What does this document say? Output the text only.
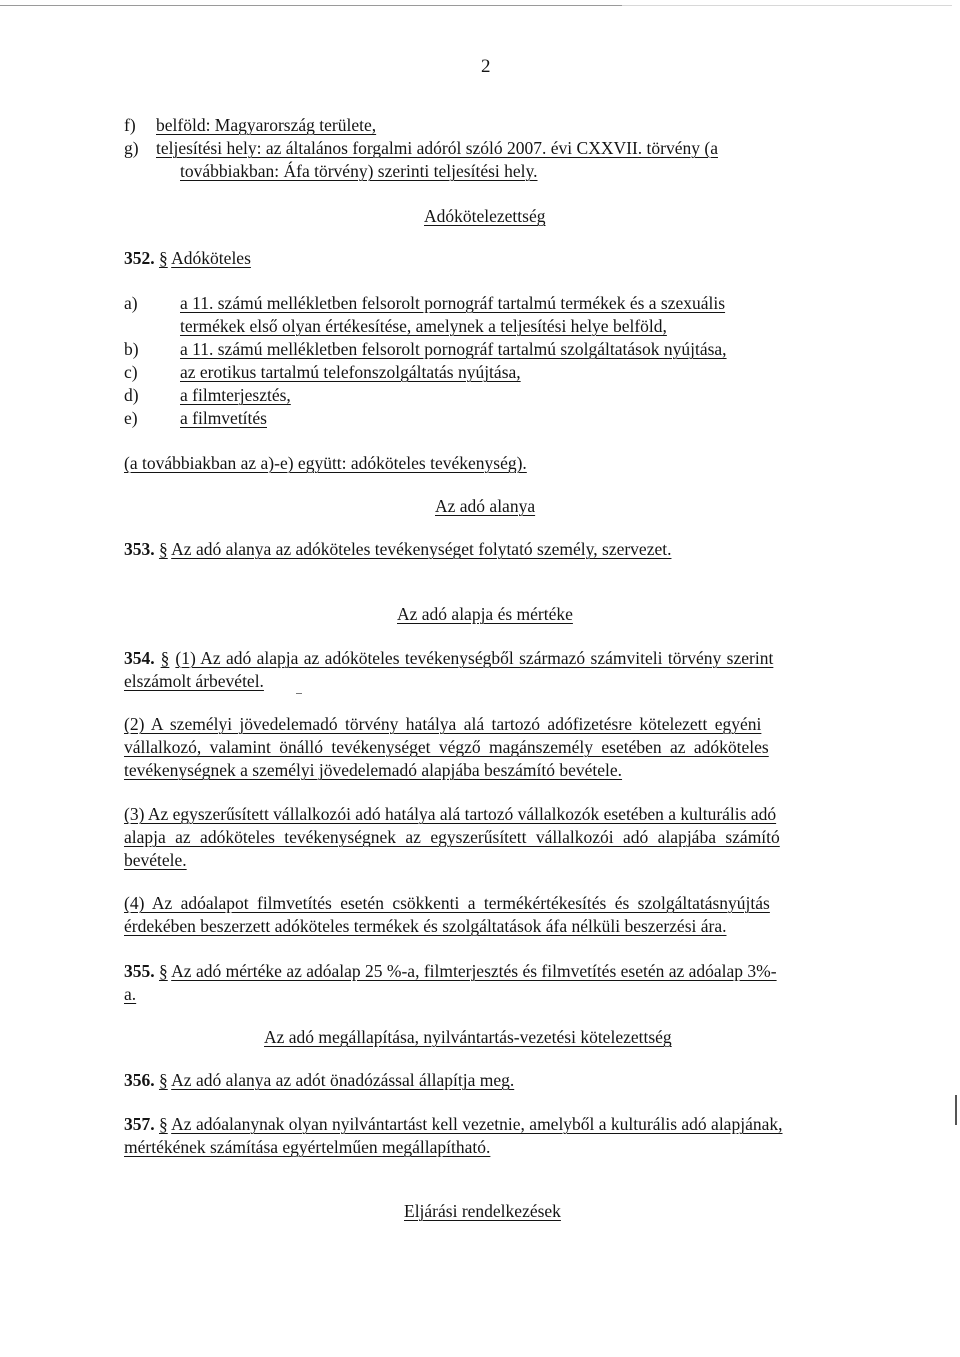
2
f) belföld: Magyarország területe,
g) teljesítési hely: az általános forgalmi adóról szóló 2007. évi CXXVII. törvény (a
továbbiakban: Áfa törvény) szerinti teljesítési hely.
Adókötelezettség
352. § Adóköteles
a)	a 11. számú mellékletben felsorolt pornográf tartalmú termékek és a szexuális
termékek első olyan értékesítése, amelynek a teljesítési helye belföld,
b) a 11. számú mellékletben felsorolt pornográf tartalmú szolgáltatások nyújtása,
c) az erotikus tartalmú telefonszolgáltatás nyújtása,
d) a filmterjesztés,
e) a filmvetítés
(a továbbiakban az a)-e) együtt: adóköteles tevékenység).
Az adó alanya
353. § Az adó alanya az adóköteles tevékenységet folytató személy, szervezet.
Az adó alapja és mértéke
354. § (1) Az adó alapja az adóköteles tevékenységből származó számviteli törvény szerint
elszámolt árbevétel.
(2) A személyi jövedelemadó törvény hatálya alá tartozó adófizetésre kötelezett egyéni
vállalkozó, valamint önálló tevékenységet végző magánszemély esetében az adóköteles
tevékenységnek a személyi jövedelemadó alapjába beszámító bevétele.
(3) Az egyszerűsített vállalkozói adó hatálya alá tartozó vállalkozók esetében a kulturális adó
alapja az adóköteles tevékenységnek az egyszerűsített vállalkozói adó alapjába számító
bevétele.
(4) Az adóalapot filmvetítés esetén csökkenti a termékértékesítés és szolgáltatásnyújtás
érdekében beszerzett adóköteles termékek és szolgáltatások áfa nélküli beszerzési ára.
355. § Az adó mértéke az adóalap 25 %-a, filmterjesztés és filmvetítés esetén az adóalap 3%-
a.
Az adó megállapítása, nyilvántartás-vezetési kötelezettség
356. § Az adó alanya az adót önadózással állapítja meg.
357. § Az adóalanynak olyan nyilvántartást kell vezetnie, amelyből a kulturális adó alapjának,
mértékének számítása egyértelműen megállapítható.
Eljárási rendelkezések
